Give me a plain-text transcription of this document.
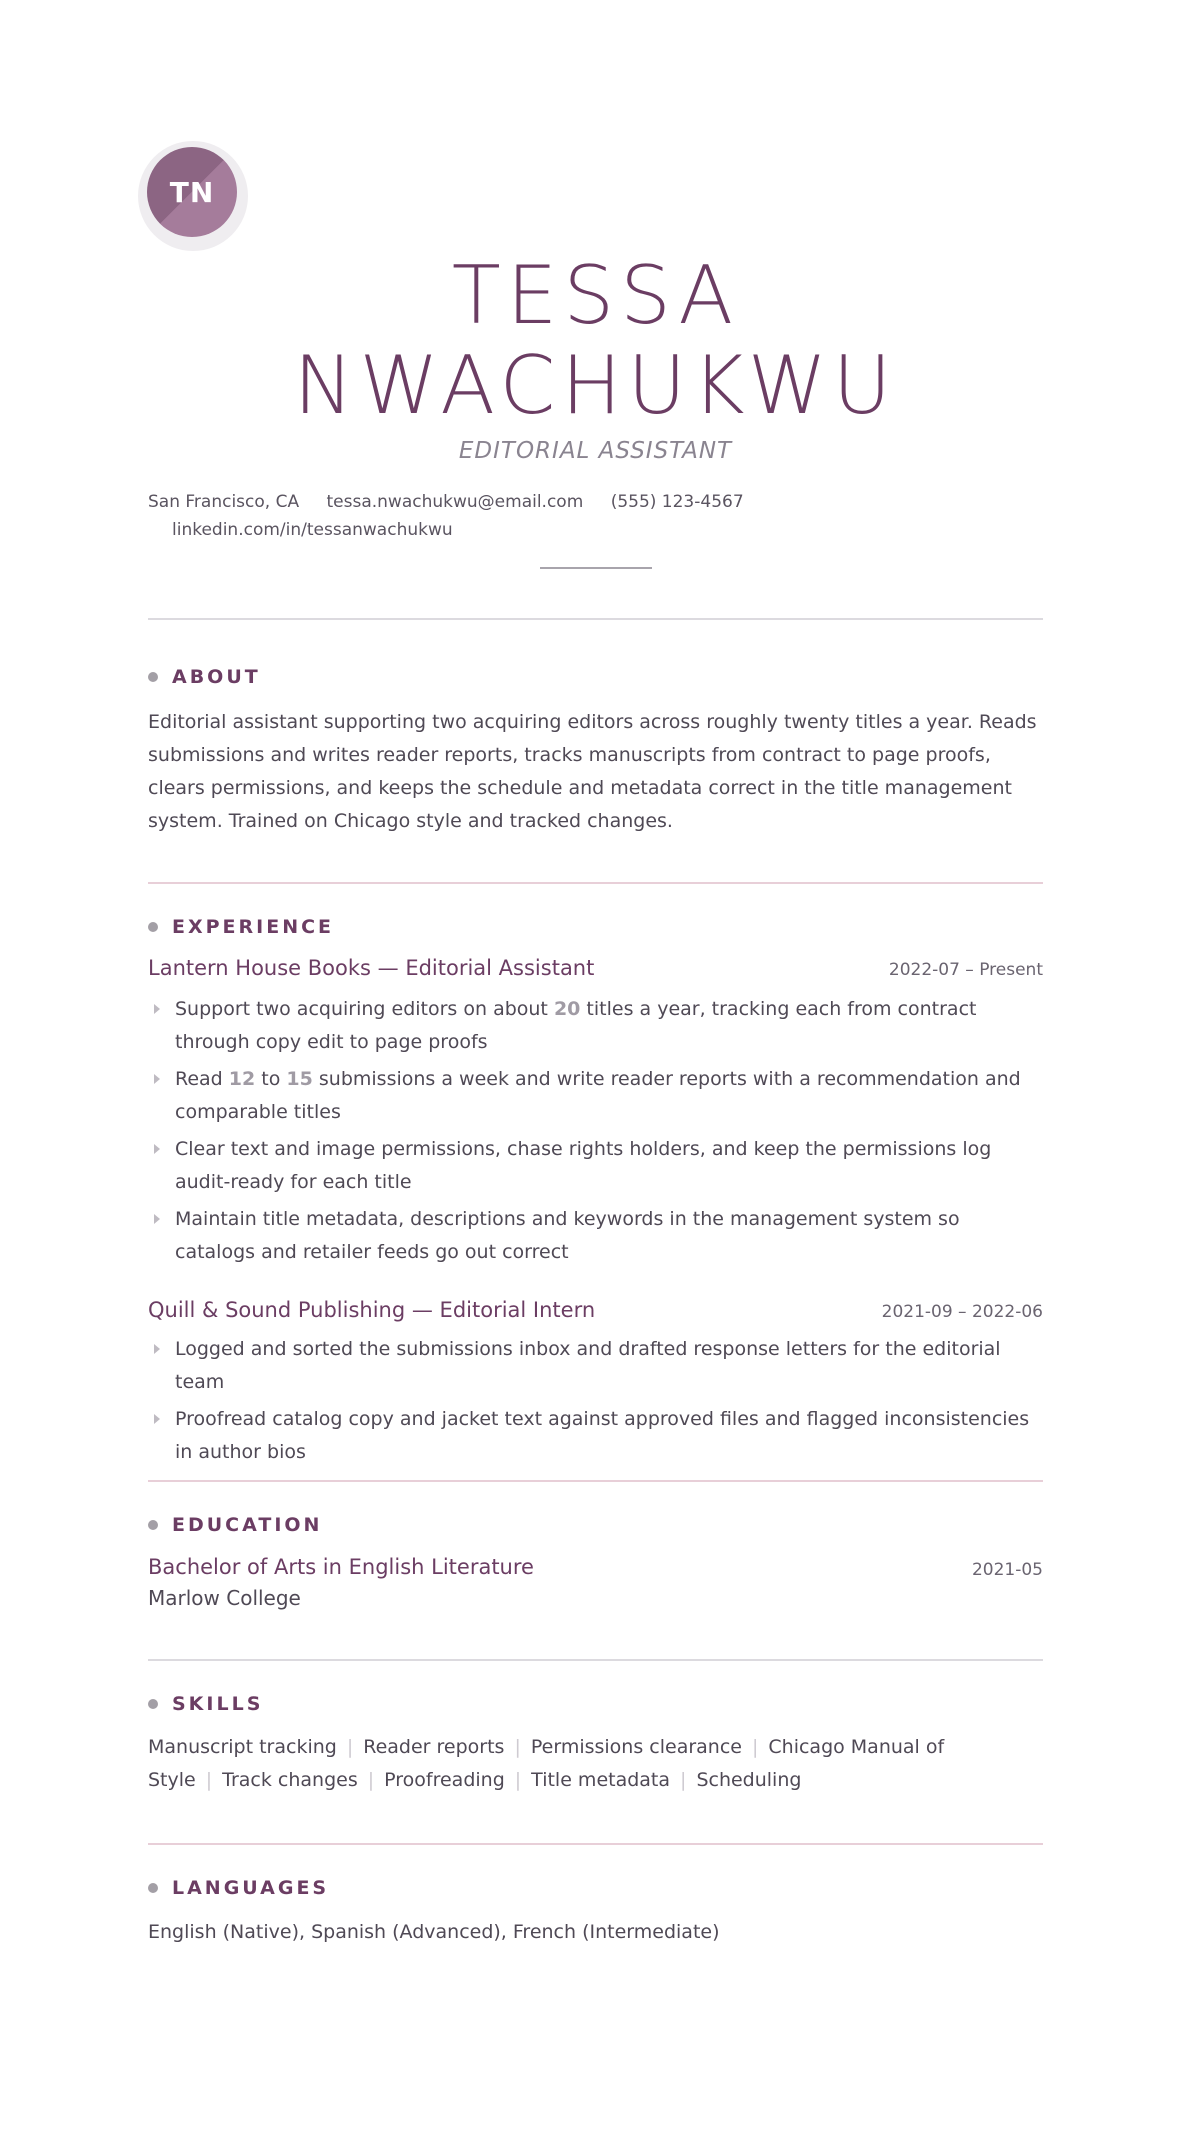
TN
TESSA
NWACHUKWU
EDITORIAL ASSISTANT
San Francisco, CA tessa.nwachukwu@email.com (555) 123-4567
linkedin.com/in/tessanwachukwu
ABOUT

Editorial assistant supporting two acquiring editors across roughly twenty titles a year. Reads submissions and writes reader reports, tracks manuscripts from contract to page proofs, clears permissions, and keeps the schedule and metadata correct in the title management system. Trained on Chicago style and tracked changes.

EXPERIENCE
Lantern House Books — Editorial Assistant	2022-07 – Present
Support two acquiring editors on about 20 titles a year, tracking each from contract through copy edit to page proofs
Read 12 to 15 submissions a week and write reader reports with a recommendation and comparable titles
Clear text and image permissions, chase rights holders, and keep the permissions log audit-ready for each title
Maintain title metadata, descriptions and keywords in the management system so catalogs and retailer feeds go out correct
Quill & Sound Publishing — Editorial Intern	2021-09 – 2022-06
Logged and sorted the submissions inbox and drafted response letters for the editorial team
Proofread catalog copy and jacket text against approved files and flagged inconsistencies in author bios
EDUCATION
Bachelor of Arts in English Literature	2021-05
Marlow College
SKILLS
Manuscript tracking | Reader reports | Permissions clearance | Chicago Manual of Style | Track changes | Proofreading | Title metadata | Scheduling
LANGUAGES

English (Native), Spanish (Advanced), French (Intermediate)
